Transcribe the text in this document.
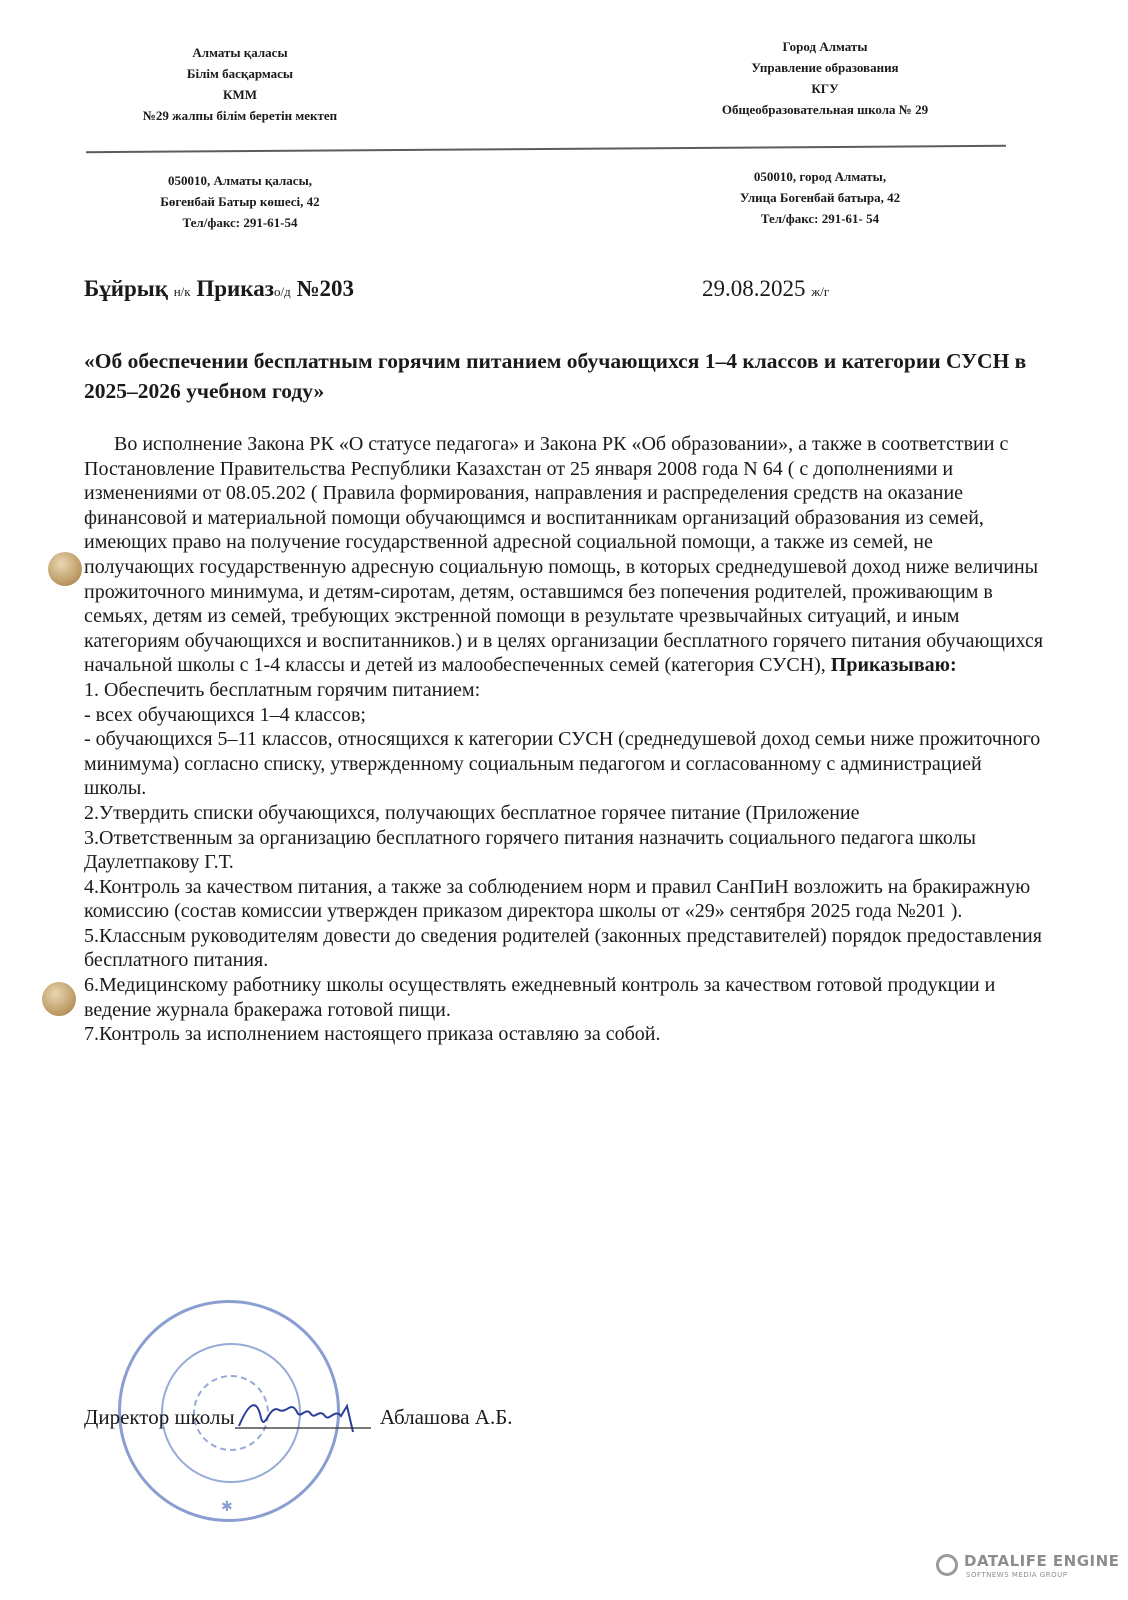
Алматы қаласы
Білім басқармасы
КММ
№29 жалпы білім беретін мектеп
Город Алматы
Управление образования
КГУ
Общеобразовательная школа № 29
050010, Алматы қаласы,
Бөгенбай Батыр көшесі, 42
Тел/факс: 291-61-54
050010, город Алматы,
Улица Богенбай батыра, 42
Тел/факс: 291-61- 54
Бұйрық н/к Приказо/д №203	29.08.2025 ж/г
«Об обеспечении бесплатным горячим питанием обучающихся 1–4 классов и категории СУСН в 2025–2026 учебном году»

Во исполнение Закона РК «О статусе педагога» и Закона РК «Об образовании», а также в соответствии с Постановление Правительства Республики Казахстан от 25 января 2008 года N 64 ( с дополнениями и изменениями от 08.05.202 ( Правила формирования, направления и распределения средств на оказание финансовой и материальной помощи обучающимся и воспитанникам организаций образования из семей, имеющих право на получение государственной адресной социальной помощи, а также из семей, не получающих государственную адресную социальную помощь, в которых среднедушевой доход ниже величины прожиточного минимума, и детям-сиротам, детям, оставшимся без попечения родителей, проживающим в семьях, детям из семей, требующих экстренной помощи в результате чрезвычайных ситуаций, и иным категориям обучающихся и воспитанников.) и в целях организации бесплатного горячего питания обучающихся начальной школы с 1-4 классы и детей из малообеспеченных семей (категория СУСН), Приказываю:

1. Обеспечить бесплатным горячим питанием:

- всех обучающихся 1–4 классов;

- обучающихся 5–11 классов, относящихся к категории СУСН (среднедушевой доход семьи ниже прожиточного минимума) согласно списку, утвержденному социальным педагогом и согласованному с администрацией школы.

2.Утвердить списки обучающихся, получающих бесплатное горячее питание (Приложение

3.Ответственным за организацию бесплатного горячего питания назначить социального педагога школы Даулетпакову Г.Т.

4.Контроль за качеством питания, а также за соблюдением норм и правил СанПиН возложить на бракиражную комиссию (состав комиссии утвержден приказом директора школы от «29» сентября 2025 года №201 ).

5.Классным руководителям довести до сведения родителей (законных представителей) порядок предоставления бесплатного питания.

6.Медицинскому работнику школы осуществлять ежедневный контроль за качеством готовой продукции и ведение журнала бракеража готовой пищи.

7.Контроль за исполнением настоящего приказа оставляю за собой.

✱
Директор школы	Аблашова А.Б.
DATALIFE ENGINE
SOFTNEWS MEDIA GROUP
